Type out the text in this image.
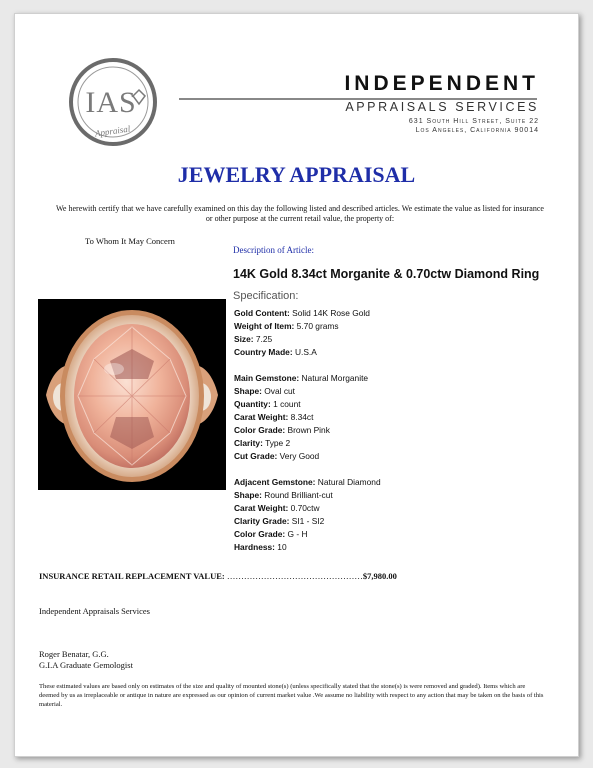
IAS
Appraisal
INDEPENDENT
APPRAISALS SERVICES
631 South Hill Street, Suite 22
Los Angeles, California 90014
JEWELRY APPRAISAL
We herewith certify that we have carefully examined on this day the following listed and described articles. We estimate the value as listed for insurance or other purpose at the current retail value, the property of:
To Whom It May Concern
Description of Article:
14K Gold 8.34ct Morganite & 0.70ctw Diamond Ring
Specification:
Gold Content: Solid 14K Rose Gold
Weight of Item: 5.70 grams
Size: 7.25
Country Made: U.S.A
Main Gemstone: Natural Morganite
Shape: Oval cut
Quantity: 1 count
Carat Weight: 8.34ct
Color Grade: Brown Pink
Clarity: Type 2
Cut Grade: Very Good
Adjacent Gemstone: Natural Diamond
Shape: Round Brilliant-cut
Carat Weight: 0.70ctw
Clarity Grade: SI1 - SI2
Color Grade: G - H
Hardness: 10
INSURANCE RETAIL REPLACEMENT VALUE: …………………………………………$7,980.00
Independent Appraisals Services
Roger Benatar, G.G.
G.I.A Graduate Gemologist
These estimated values are based only on estimates of the size and quality of mounted stone(s) (unless specifically stated that the stone(s) is were removed and graded). Items which are deemed by us as irreplaceable or antique in nature are expressed as our opinion of current market value .We assume no liability with respect to any action that may be taken on the basis of this material.
